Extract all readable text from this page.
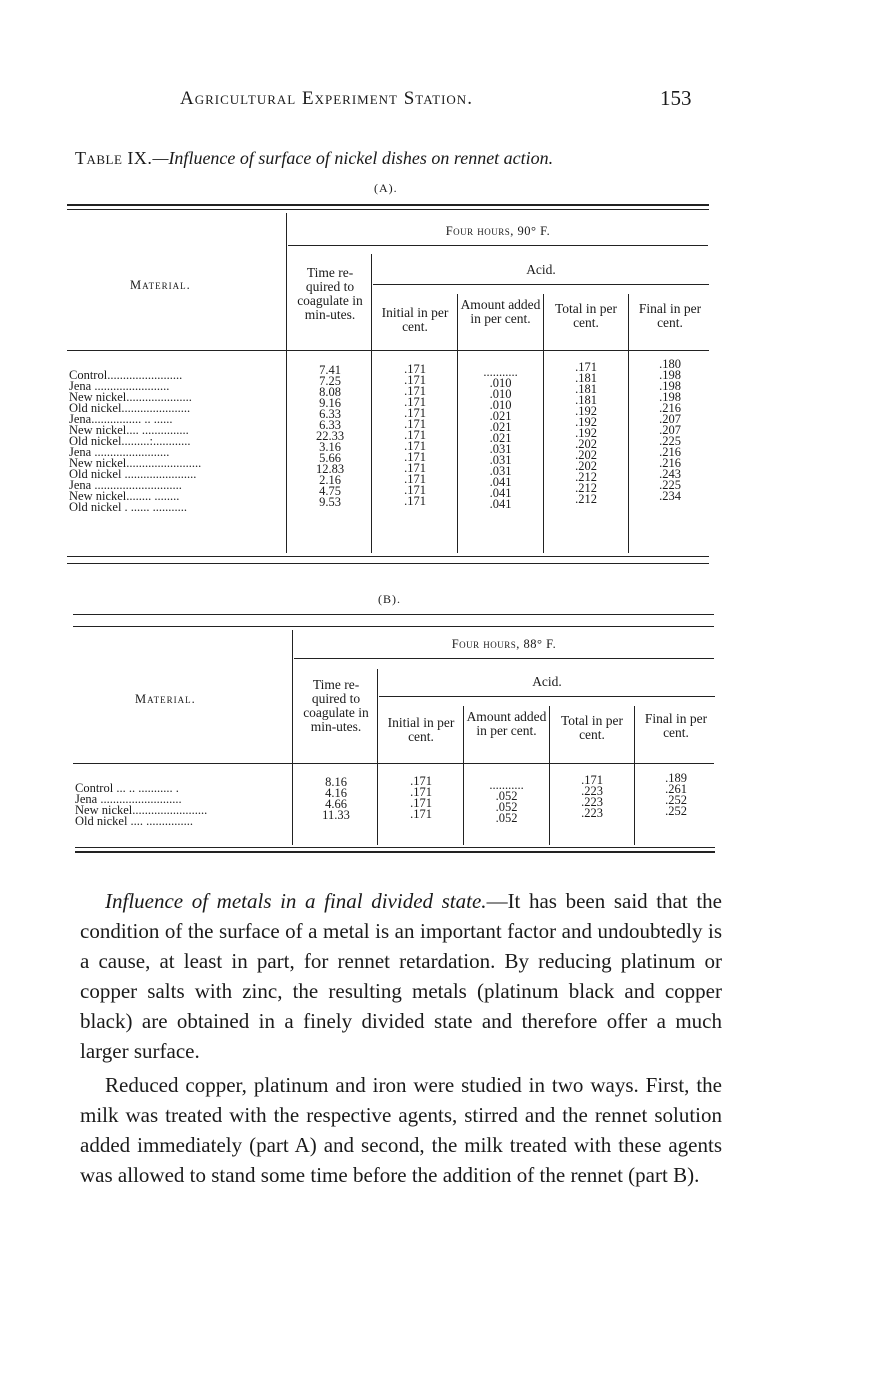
Agricultural Experiment Station.	153
Table IX.—Influence of surface of nickel dishes on rennet action.
(A).
Four hours, 90° F.
Material.
Time re-quired to coagulate in min-utes.
Acid.
Initial in per cent.
Amount added in per cent.
Total in per cent.
Final in per cent.
Control........................
Jena ........................
New nickel.....................
Old nickel......................
Jena................ .. ......
New nickel.... ...............
Old nickel.........:............
Jena ........................
New nickel........................
Old nickel .......................
Jena ............................
New nickel........ ........
Old nickel . ...... ...........
7.41
7.25
8.08
9.16
6.33
6.33
22.33
3.16
5.66
12.83
2.16
4.75
9.53
.171
.171
.171
.171
.171
.171
.171
.171
.171
.171
.171
.171
.171
...........
.010
.010
.010
.021
.021
.021
.031
.031
.031
.041
.041
.041
.171
.181
.181
.181
.192
.192
.192
.202
.202
.202
.212
.212
.212
.180
.198
.198
.198
.216
.207
.207
.225
.216
.216
.243
.225
.234
(B).
Four hours, 88° F.
Material.
Time re-quired to coagulate in min-utes.
Acid.
Initial in per cent.
Amount added in per cent.
Total in per cent.
Final in per cent.
Control ... .. ........... .
Jena ..........................
New nickel........................
Old nickel .... ...............
8.16
4.16
4.66
11.33
.171
.171
.171
.171
...........
.052
.052
.052
.171
.223
.223
.223
.189
.261
.252
.252

Influence of metals in a final divided state.—It has been said that the condition of the surface of a metal is an important factor and undoubtedly is a cause, at least in part, for rennet retardation. By reducing platinum or copper salts with zinc, the resulting metals (platinum black and copper black) are obtained in a finely divided state and therefore offer a much larger surface.

Reduced copper, platinum and iron were studied in two ways. First, the milk was treated with the respective agents, stirred and the rennet solution added immediately (part A) and second, the milk treated with these agents was allowed to stand some time before the addition of the rennet (part B).
